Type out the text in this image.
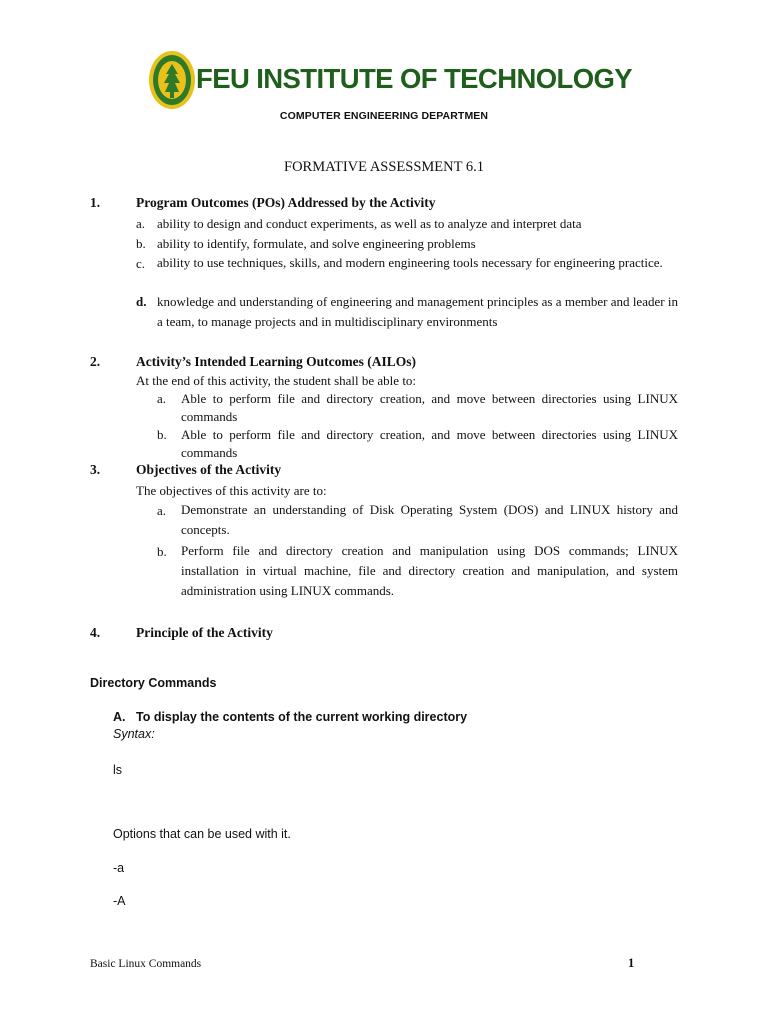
FEU INSTITUTE OF TECHNOLOGY
COMPUTER ENGINEERING DEPARTMEN
FORMATIVE ASSESSMENT 6.1
1.	Program Outcomes (POs) Addressed by the Activity
a. ability to design and conduct experiments, as well as to analyze and interpret data
b. ability to identify, formulate, and solve engineering problems
c. ability to use techniques, skills, and modern engineering tools necessary for engineering practice.
d. knowledge and understanding of engineering and management principles as a member and leader in a team, to manage projects and in multidisciplinary environments
2.	Activity’s Intended Learning Outcomes (AILOs)
At the end of this activity, the student shall be able to:
a. Able to perform file and directory creation, and move between directories using LINUX commands
b. Able to perform file and directory creation, and move between directories using LINUX commands
3.	Objectives of the Activity
The objectives of this activity are to:
a. Demonstrate an understanding of Disk Operating System (DOS) and LINUX history and concepts.
b. Perform file and directory creation and manipulation using DOS commands; LINUX installation in virtual machine, file and directory creation and manipulation, and system administration using LINUX commands.
4.	Principle of the Activity
Directory Commands
A. To display the contents of the current working directory
Syntax:
ls
Options that can be used with it.
-a
-A
Basic Linux Commands	1
